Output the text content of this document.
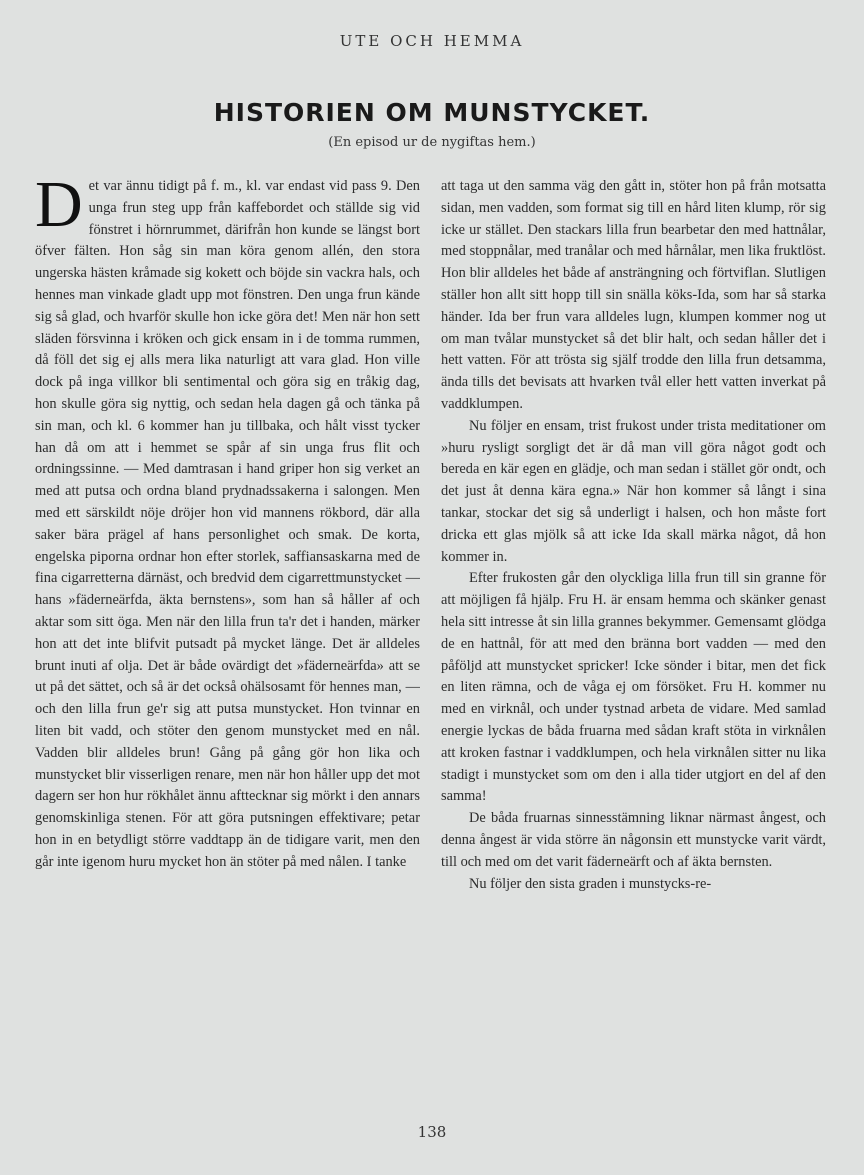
UTE OCH HEMMA
HISTORIEN OM MUNSTYCKET.
(En episod ur de nygiftas hem.)

Det var ännu tidigt på f. m., kl. var endast vid pass 9. Den unga frun steg upp från kaffebordet och ställde sig vid fönstret i hörnrummet, därifrån hon kunde se längst bort öfver fälten. Hon såg sin man köra genom allén, den stora ungerska hästen kråmade sig kokett och böjde sin vackra hals, och hennes man vinkade gladt upp mot fönstren. Den unga frun kände sig så glad, och hvarför skulle hon icke göra det! Men när hon sett släden försvinna i kröken och gick ensam in i de tomma rummen, då föll det sig ej alls mera lika naturligt att vara glad. Hon ville dock på inga villkor bli sentimental och göra sig en tråkig dag, hon skulle göra sig nyttig, och sedan hela dagen gå och tänka på sin man, och kl. 6 kommer han ju tillbaka, och hålt visst tycker han då om att i hemmet se spår af sin unga frus flit och ordningssinne. — Med damtrasan i hand griper hon sig verket an med att putsa och ordna bland prydnadssakerna i salongen. Men med ett särskildt nöje dröjer hon vid mannens rökbord, där alla saker bära prägel af hans personlighet och smak. De korta, engelska piporna ordnar hon efter storlek, saffiansaskarna med de fina cigarretterna därnäst, och bredvid dem cigarrettmunstycket — hans »fäderneärfda, äkta bernstens», som han så håller af och aktar som sitt öga. Men när den lilla frun ta'r det i handen, märker hon att det inte blifvit putsadt på mycket länge. Det är alldeles brunt inuti af olja. Det är både ovärdigt det »fäderneärfda» att se ut på det sättet, och så är det också ohälsosamt för hennes man, — och den lilla frun ge'r sig att putsa munstycket. Hon tvinnar en liten bit vadd, och stöter den genom munstycket med en nål. Vadden blir alldeles brun! Gång på gång gör hon lika och munstycket blir visserligen renare, men när hon håller upp det mot dagern ser hon hur rökhålet ännu afttecknar sig mörkt i den annars genomskinliga stenen. För att göra putsningen effektivare; petar hon in en betydligt större vaddtapp än de tidigare varit, men den går inte igenom huru mycket hon än stöter på med nålen. I tanke

att taga ut den samma väg den gått in, stöter hon på från motsatta sidan, men vadden, som format sig till en hård liten klump, rör sig icke ur stället. Den stackars lilla frun bearbetar den med hattnålar, med stoppnålar, med tranålar och med hårnålar, men lika fruktlöst. Hon blir alldeles het både af ansträngning och förtviflan. Slutligen ställer hon allt sitt hopp till sin snälla köks-Ida, som har så starka händer. Ida ber frun vara alldeles lugn, klumpen kommer nog ut om man tvålar munstycket så det blir halt, och sedan håller det i hett vatten. För att trösta sig själf trodde den lilla frun detsamma, ända tills det bevisats att hvarken tvål eller hett vatten inverkat på vaddklumpen.

Nu följer en ensam, trist frukost under trista meditationer om »huru rysligt sorgligt det är då man vill göra något godt och bereda en kär egen en glädje, och man sedan i stället gör ondt, och det just åt denna kära egna.» När hon kommer så långt i sina tankar, stockar det sig så underligt i halsen, och hon måste fort dricka ett glas mjölk så att icke Ida skall märka något, då hon kommer in.

Efter frukosten går den olyckliga lilla frun till sin granne för att möjligen få hjälp. Fru H. är ensam hemma och skänker genast hela sitt intresse åt sin lilla grannes bekymmer. Gemensamt glödga de en hattnål, för att med den bränna bort vadden — med den påföljd att munstycket spricker! Icke sönder i bitar, men det fick en liten rämna, och de våga ej om försöket. Fru H. kommer nu med en virknål, och under tystnad arbeta de vidare. Med samlad energie lyckas de båda fruarna med sådan kraft stöta in virknålen att kroken fastnar i vaddklumpen, och hela virknålen sitter nu lika stadigt i munstycket som om den i alla tider utgjort en del af den samma!

De båda fruarnas sinnesstämning liknar närmast ångest, och denna ångest är vida större än någonsin ett munstycke varit värdt, till och med om det varit fäderneärft och af äkta bernsten.

Nu följer den sista graden i munstycks-re-

138
